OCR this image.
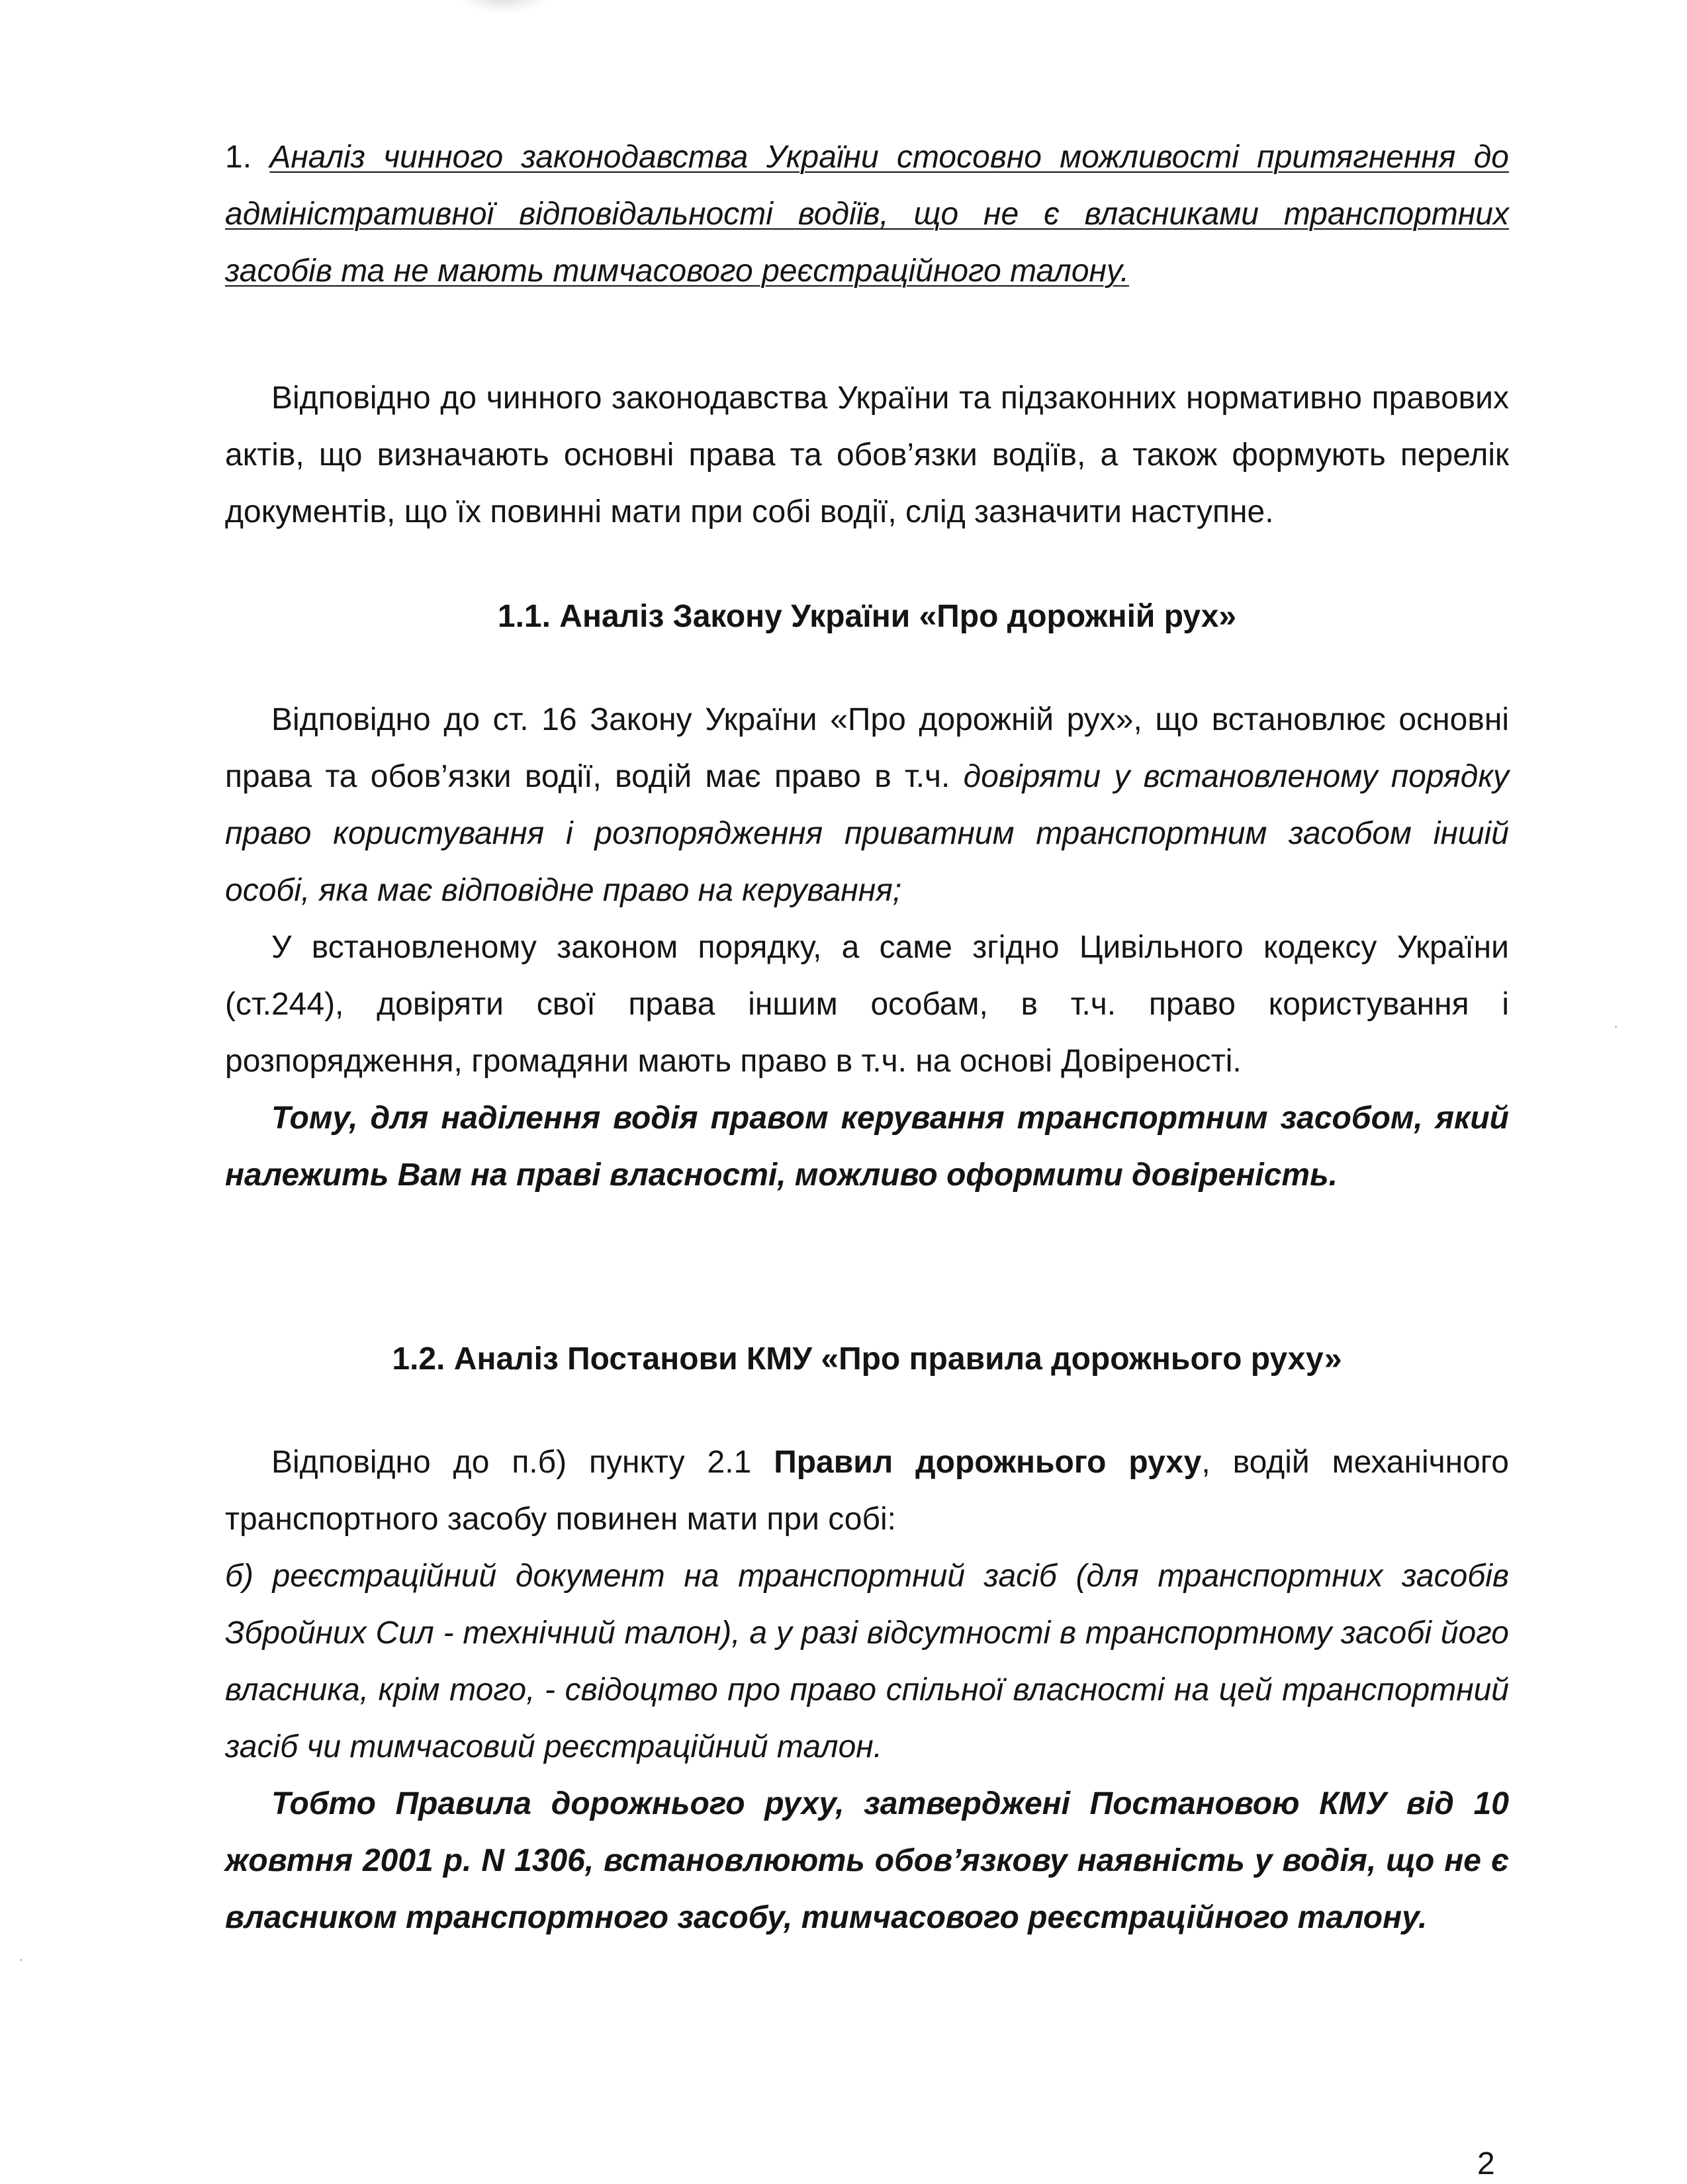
1. Аналіз чинного законодавства України стосовно можливості притягнення до адміністративної відповідальності водіїв, що не є власниками транспортних засобів та не мають тимчасового реєстраційного талону.

Відповідно до чинного законодавства України та підзаконних нормативно правових актів, що визначають основні права та обов’язки водіїв, а також формують перелік документів, що їх повинні мати при собі водії, слід зазначити наступне.

1.1. Аналіз Закону України «Про дорожній рух»

Відповідно до ст. 16 Закону України «Про дорожній рух», що встановлює основні права та обов’язки водії, водій має право в т.ч. довіряти у встановленому порядку право користування і розпорядження приватним транспортним засобом іншій особі, яка має відповідне право на керування;

У встановленому законом порядку, а саме згідно Цивільного кодексу України (ст.244), довіряти свої права іншим особам, в т.ч. право користування і розпорядження, громадяни мають право в т.ч. на основі Довіреності.

Тому, для наділення водія правом керування транспортним засобом, який належить Вам на праві власності, можливо оформити довіреність.

1.2. Аналіз Постанови КМУ «Про правила дорожнього руху»

Відповідно до п.б) пункту 2.1 Правил дорожнього руху, водій механічного транспортного засобу повинен мати при собі:

б) реєстраційний документ на транспортний засіб (для транспортних засобів Збройних Сил - технічний талон), а у разі відсутності в транспортному засобі його власника, крім того, - свідоцтво про право спільної власності на цей транспортний засіб чи тимчасовий реєстраційний талон.

Тобто Правила дорожнього руху, затверджені Постановою КМУ від 10 жовтня 2001 р. N 1306, встановлюють обов’язкову наявність у водія, що не є власником транспортного засобу, тимчасового реєстраційного талону.

2
